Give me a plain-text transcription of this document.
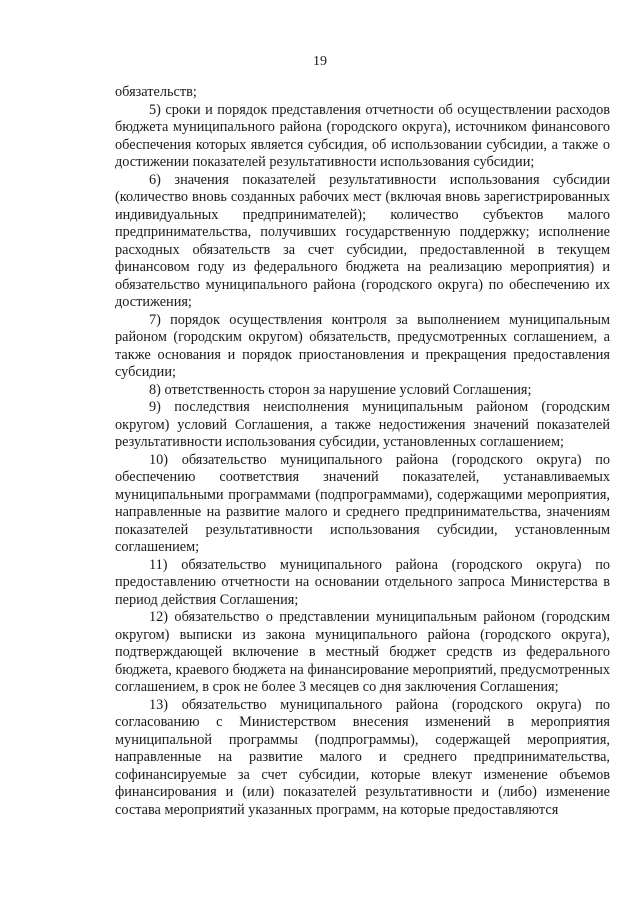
19

обязательств;

5) сроки и порядок представления отчетности об осуществлении расходов бюджета муниципального района (городского округа), источником финансового обеспечения которых является субсидия, об использовании субсидии, а также о достижении показателей результативности использования субсидии;

6) значения показателей результативности использования субсидии (количество вновь созданных рабочих мест (включая вновь зарегистрированных индивидуальных предпринимателей); количество субъектов малого предпринимательства, получивших государственную поддержку; исполнение расходных обязательств за счет субсидии, предоставленной в текущем финансовом году из федерального бюджета на реализацию мероприятия) и обязательство муниципального района (городского округа) по обеспечению их достижения;

7) порядок осуществления контроля за выполнением муниципальным районом (городским округом) обязательств, предусмотренных соглашением, а также основания и порядок приостановления и прекращения предоставления субсидии;

8) ответственность сторон за нарушение условий Соглашения;

9) последствия неисполнения муниципальным районом (городским округом) условий Соглашения, а также недостижения значений показателей результативности использования субсидии, установленных соглашением;

10) обязательство муниципального района (городского округа) по обеспечению соответствия значений показателей, устанавливаемых муниципальными программами (подпрограммами), содержащими мероприятия, направленные на развитие малого и среднего предпринимательства, значениям показателей результативности использования субсидии, установленным соглашением;

11) обязательство муниципального района (городского округа) по предоставлению отчетности на основании отдельного запроса Министерства в период действия Соглашения;

12) обязательство о представлении муниципальным районом (городским округом) выписки из закона муниципального района (городского округа), подтверждающей включение в местный бюджет средств из федерального бюджета, краевого бюджета на финансирование мероприятий, предусмотренных соглашением, в срок не более 3 месяцев со дня заключения Соглашения;

13) обязательство муниципального района (городского округа) по согласованию с Министерством внесения изменений в мероприятия муниципальной программы (подпрограммы), содержащей мероприятия, направленные на развитие малого и среднего предпринимательства, софинансируемые за счет субсидии, которые влекут изменение объемов финансирования и (или) показателей результативности и (либо) изменение состава мероприятий указанных программ, на которые предоставляются
